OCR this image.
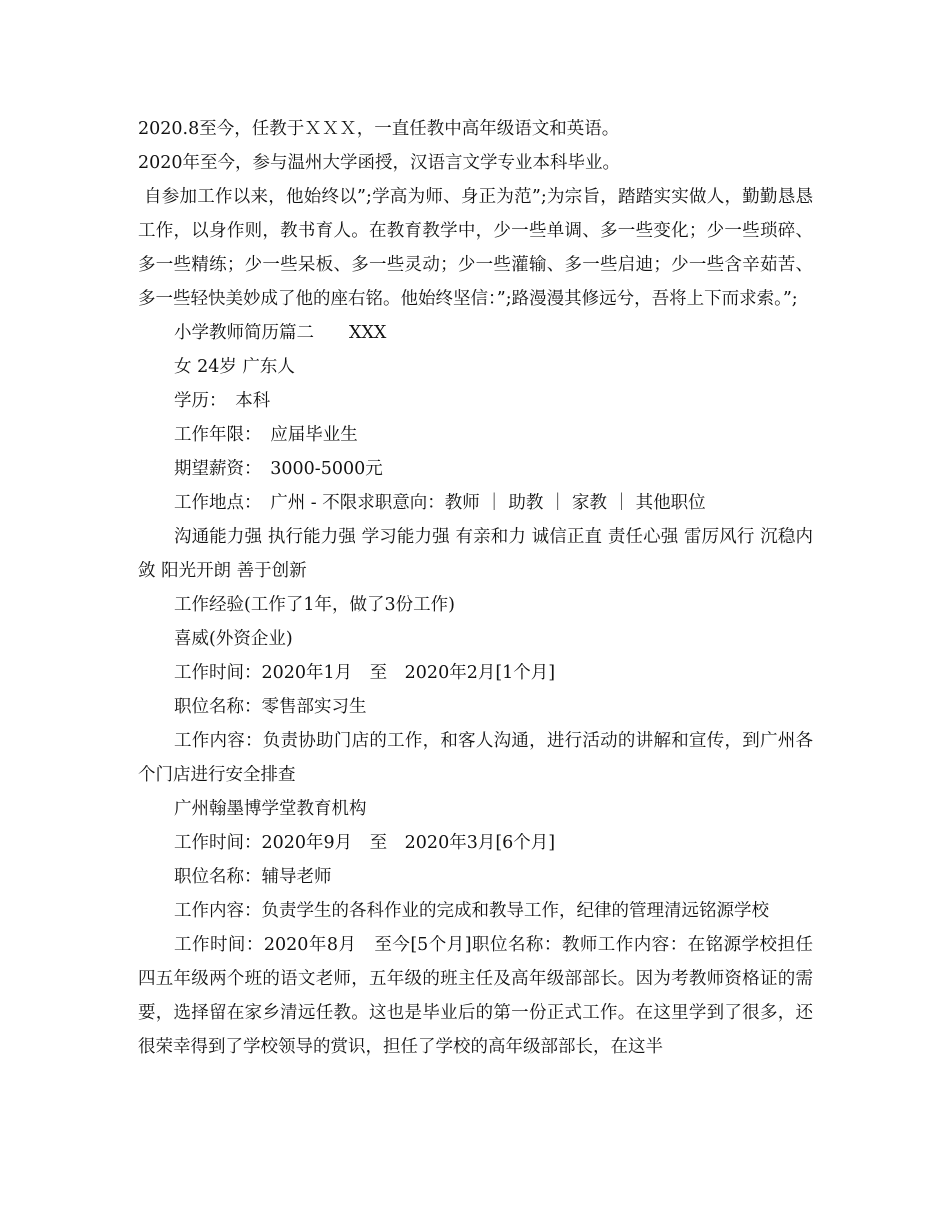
2020.8至今，任教于ＸＸＸ，一直任教中高年级语文和英语。
2020年至今，参与温州大学函授，汉语言文学专业本科毕业。
自参加工作以来，他始终以”;学高为师、身正为范”;为宗旨，踏踏实实做人，勤勤恳恳工作，以身作则，教书育人。在教育教学中，少一些单调、多一些变化；少一些琐碎、多一些精练；少一些呆板、多一些灵动；少一些灌输、多一些启迪；少一些含辛茹苦、多一些轻快美妙成了他的座右铭。他始终坚信：”;路漫漫其修远兮，吾将上下而求索。”;
小学教师简历篇二　　XXX
女 24岁 广东人
学历：　本科
工作年限：　应届毕业生
期望薪资：　3000-5000元
工作地点：　广州 - 不限求职意向：教师 ｜ 助教 ｜ 家教 ｜ 其他职位
沟通能力强 执行能力强 学习能力强 有亲和力 诚信正直 责任心强 雷厉风行 沉稳内敛 阳光开朗 善于创新
工作经验(工作了1年，做了3份工作)
喜威(外资企业)
工作时间：2020年1月　至　2020年2月[1个月]
职位名称：零售部实习生
工作内容：负责协助门店的工作，和客人沟通，进行活动的讲解和宣传，到广州各个门店进行安全排查
广州翰墨博学堂教育机构
工作时间：2020年9月　至　2020年3月[6个月]
职位名称：辅导老师
工作内容：负责学生的各科作业的完成和教导工作，纪律的管理清远铭源学校
工作时间：2020年8月　至今[5个月]职位名称：教师工作内容：在铭源学校担任四五年级两个班的语文老师，五年级的班主任及高年级部部长。因为考教师资格证的需要，选择留在家乡清远任教。这也是毕业后的第一份正式工作。在这里学到了很多，还很荣幸得到了学校领导的赏识，担任了学校的高年级部部长，在这半
